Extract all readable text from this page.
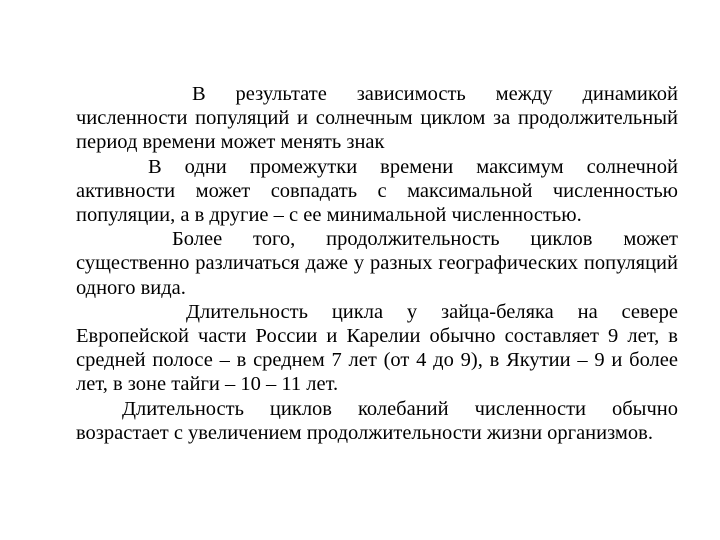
В результате зависимость между динамикой численности популяций и солнечным циклом за продолжительный период времени может менять знак

В одни промежутки времени максимум солнечной активности может совпадать с максимальной численностью популяции, а в другие – с ее минимальной численностью.

Более того, продолжительность циклов может существенно различаться даже у разных географических популяций одного вида.

Длительность цикла у зайца-беляка на севере Европейской части России и Карелии обычно составляет 9 лет, в средней полосе – в среднем 7 лет (от 4 до 9), в Якутии – 9 и более лет, в зоне тайги – 10 – 11 лет.

Длительность циклов колебаний численности обычно возрастает с увеличением продолжительности жизни организмов.
